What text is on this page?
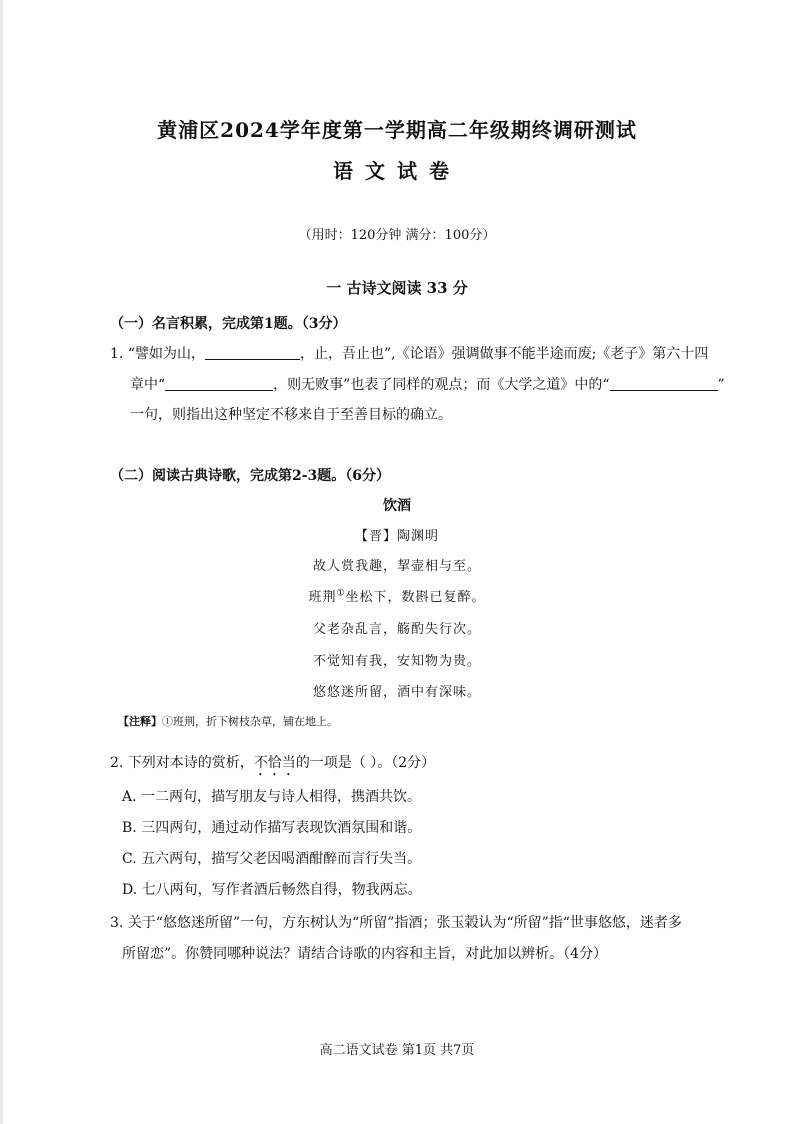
黄浦区2024学年度第一学期高二年级期终调研测试
语文试卷
（用时：120分钟 满分：100分）
一 古诗文阅读 33 分
（一）名言积累，完成第1题。（3分）
1. “譬如为山，	，止，吾止也”,《论语》强调做事不能半途而废;《老子》第六十四
章中“	，则无败事”也表了同样的观点；而《大学之道》中的“	”
一句，则指出这种坚定不移来自于至善目标的确立。
（二）阅读古典诗歌，完成第2-3题。（6分）
饮酒
【晋】陶渊明
故人赏我趣，挈壶相与至。
班荆①坐松下，数斟已复醉。
父老杂乱言，觞酌失行次。
不觉知有我，安知物为贵。
悠悠迷所留，酒中有深味。
【注释】①班荆，折下树枝杂草，铺在地上。
2. 下列对本诗的赏析，不恰当的一项是（ ）。（2分）
A. 一二两句，描写朋友与诗人相得，携酒共饮。
B. 三四两句，通过动作描写表现饮酒氛围和谐。
C. 五六两句，描写父老因喝酒酣醉而言行失当。
D. 七八两句，写作者酒后畅然自得，物我两忘。
3. 关于“悠悠迷所留”一句，方东树认为“所留”指酒；张玉榖认为“所留”指“世事悠悠，迷者多
所留恋”。你赞同哪种说法？请结合诗歌的内容和主旨，对此加以辨析。（4分）
高二语文试卷 第1页 共7页
